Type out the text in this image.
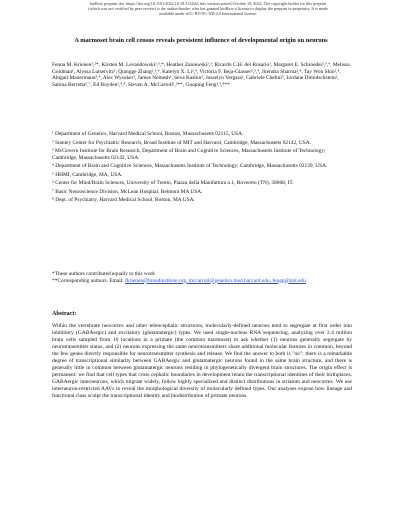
bioRxiv preprint doi: https://doi.org/10.1101/2022.10.18.512442; this version posted October 19, 2022. The copyright holder for this preprint
(which was not certified by peer review) is the author/funder, who has granted bioRxiv a license to display the preprint in perpetuity. It is made
available under aCC-BY-NC-ND 4.0 International license.
A marmoset brain cell census reveals persistent influence of developmental origin on neurons
Fenna M. Krienen¹,²*, Kirsten M. Levandowski²,³,*, Heather Zaniewski²,³, Ricardo C.H. del Rosario², Margaret E. Schroeder²,³,⁴, Melissa Goldman¹, Alyssa Lutservitz¹, Qiangge Zhang²,³,⁴, Katelyn X. Li²,⁴, Victoria F. Beja-Glasser²,³,⁴, Jitendra Sharma²,⁴, Tay Won Shin²,⁴, Abigail Mauermann²,⁴, Alec Wysoker¹, James Nemesh¹, Seva Kashin¹, Josselyn Vergara², Gabriele Chelini⁵, Jordane Dimidschstein², Sabina Berretta⁶,⁷, Ed Boyden²,⁴,⁸, Steven A. McCarroll¹,²**, Guoping Feng²,³,⁴**
¹ Department of Genetics, Harvard Medical School, Boston, Massachusetts 02115, USA.
² Stanley Center for Psychiatric Research, Broad Institute of MIT and Harvard, Cambridge, Massachusetts 02142, USA.
³ McGovern Institute for Brain Research, Department of Brain and Cognitive Sciences, Massachusetts Institute of Technology; Cambridge, Massachusetts 02142, USA.
⁴ Department of Brain and Cognitive Sciences, Massachusetts Institute of Technology; Cambridge, Massachusetts 02139, USA.
⁵ HHMI, Cambridge, MA, USA.
⁶ Center for Mind/Brain Sciences, University of Trento, Piazza della Manifattura n.1, Rovereto (TN), 38068, IT.
⁷ Basic Neuroscience Division, McLean Hospital, Belmont MA USA.
⁸ Dept. of Psychiatry, Harvard Medical School, Boston, MA USA.
*These authors contributed equally to this work
**Corresponding authors. Email: fkrienen@broadinstitute.org, mccarroll@genetics.med.harvard.edu, fengg@mit.edu
Abstract:
Within the vertebrate neocortex and other telencephalic structures, molecularly-defined neurons tend to segregate at first order into inhibitory (GABAergic) and excitatory (glutamatergic) types. We used single-nucleus RNA sequencing, analyzing over 2.4 million brain cells sampled from 16 locations in a primate (the common marmoset) to ask whether (1) neurons generally segregate by neurotransmitter status, and (2) neurons expressing the same neurotransmitters share additional molecular features in common, beyond the few genes directly responsible for neurotransmitter synthesis and release. We find the answer to both is "no": there is a remarkable degree of transcriptional similarity between GABAergic and glutamatergic neurons found in the same brain structure, and there is generally little in common between glutamatergic neurons residing in phylogenetically divergent brain structures. The origin effect is permanent: we find that cell types that cross cephalic boundaries in development retain the transcriptional identities of their birthplaces. GABAergic interneurons, which migrate widely, follow highly specialized and distinct distributions in striatum and neocortex. We use interneuron-restricted AAVs to reveal the morphological diversity of molecularly defined types. Our analyses expose how lineage and functional class sculpt the transcriptional identity and biodistribution of primate neurons.
